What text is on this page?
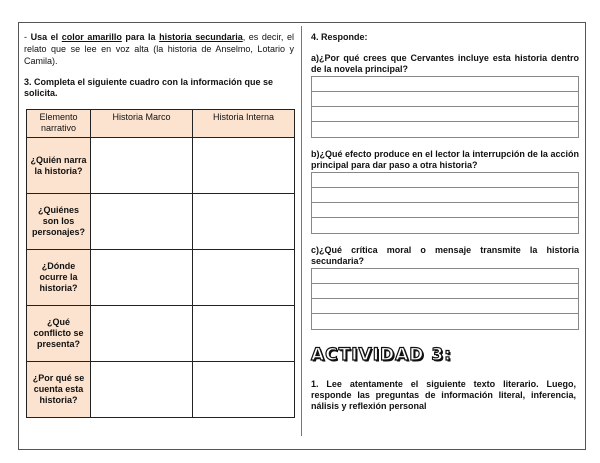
- Usa el color amarillo para la historia secundaria, es decir, el relato que se lee en voz alta (la historia de Anselmo, Lotario y Camila).

3. Completa el siguiente cuadro con la información que se solicita.

Elemento narrativo	Historia Marco	Historia Interna
¿Quién narra la historia?		
¿Quiénes son los personajes?		
¿Dónde ocurre la historia?		
¿Qué conflicto se presenta?		
¿Por qué se cuenta esta historia?		

4. Responde:

a)¿Por qué crees que Cervantes incluye esta historia dentro de la novela principal?

b)¿Qué efecto produce en el lector la interrupción de la acción principal para dar paso a otra historia?

c)¿Qué crítica moral o mensaje transmite la historia secundaria?

ACTIVIDAD 3:

1. Lee atentamente el siguiente texto literario. Luego, responde las preguntas de información literal, inferencia, nálisis y reflexión personal
